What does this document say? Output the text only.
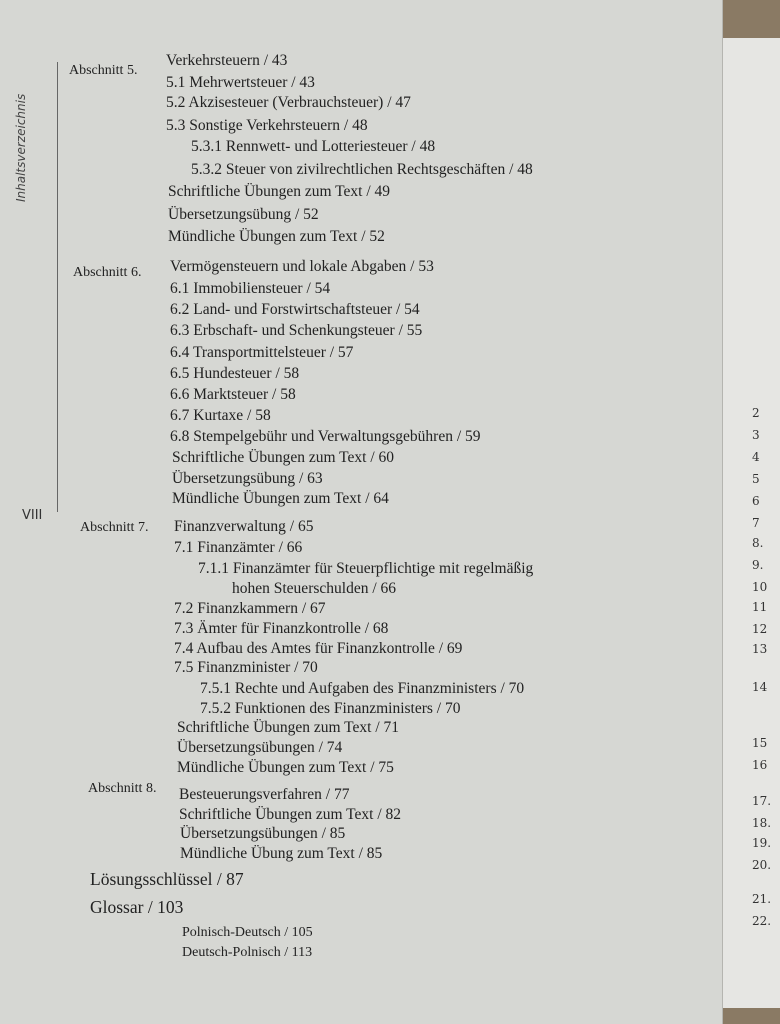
2
3
4
5
6
7
8.
9.
10
11
12
13
14
15
16
17.
18.
19.
20.
21.
22.
Inhaltsverzeichnis
VIII
Abschnitt 5.
Verkehrsteuern / 43
5.1 Mehrwertsteuer / 43
5.2 Akzisesteuer (Verbrauchsteuer) / 47
5.3 Sonstige Verkehrsteuern / 48
5.3.1 Rennwett- und Lotteriesteuer / 48
5.3.2 Steuer von zivilrechtlichen Rechtsgeschäften / 48
Schriftliche Übungen zum Text / 49
Übersetzungsübung / 52
Mündliche Übungen zum Text / 52
Abschnitt 6. Vermögensteuern und lokale Abgaben / 53
6.1 Immobiliensteuer / 54
6.2 Land- und Forstwirtschaftsteuer / 54
6.3 Erbschaft- und Schenkungsteuer / 55
6.4 Transportmittelsteuer / 57
6.5 Hundesteuer / 58
6.6 Marktsteuer / 58
6.7 Kurtaxe / 58
6.8 Stempelgebühr und Verwaltungsgebühren / 59
Schriftliche Übungen zum Text / 60
Übersetzungsübung / 63
Mündliche Übungen zum Text / 64
Abschnitt 7. Finanzverwaltung / 65
7.1 Finanzämter / 66
7.1.1 Finanzämter für Steuerpflichtige mit regelmäßig
hohen Steuerschulden / 66
7.2 Finanzkammern / 67
7.3 Ämter für Finanzkontrolle / 68
7.4 Aufbau des Amtes für Finanzkontrolle / 69
7.5 Finanzminister / 70
7.5.1 Rechte und Aufgaben des Finanzministers / 70
7.5.2 Funktionen des Finanzministers / 70
Schriftliche Übungen zum Text / 71
Übersetzungsübungen / 74
Mündliche Übungen zum Text / 75
Abschnitt 8. Besteuerungsverfahren / 77
Schriftliche Übungen zum Text / 82
Übersetzungsübungen / 85
Mündliche Übung zum Text / 85
Lösungsschlüssel / 87
Glossar / 103
Polnisch-Deutsch / 105
Deutsch-Polnisch / 113
